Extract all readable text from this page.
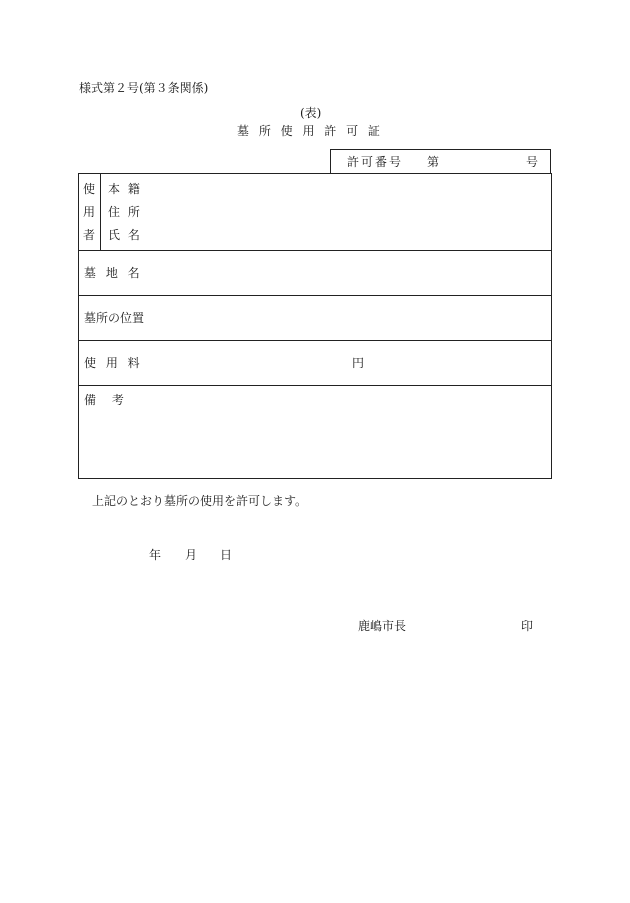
様式第２号(第３条関係)
(表)
墓 所 使 用 許 可 証
許可番号 第	号
使
用
者
本 籍
住 所
氏 名
墓 地 名
墓所の位置
使 用 料	円
備 考
上記のとおり墓所の使用を許可します。
年 月 日
鹿嶋市長	印
